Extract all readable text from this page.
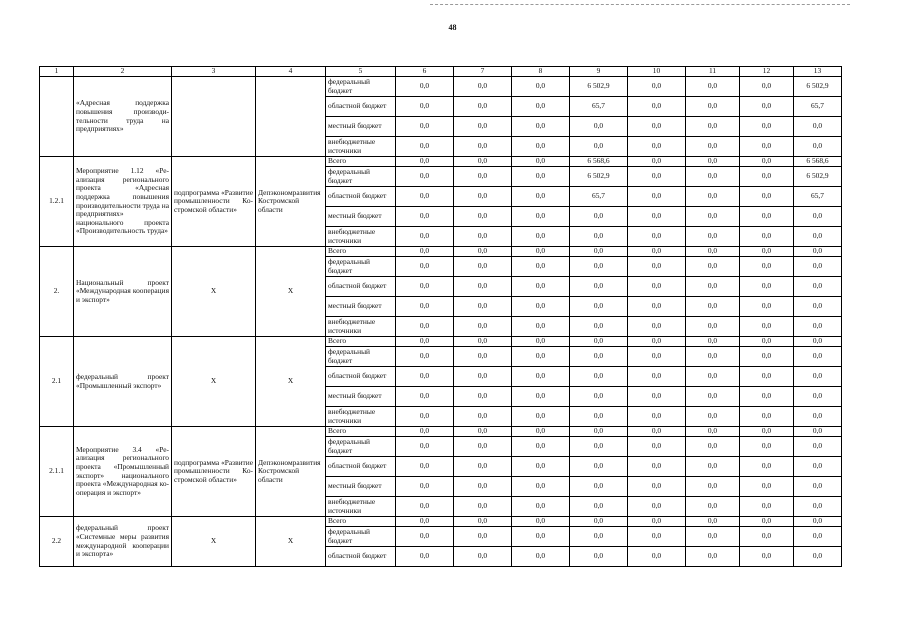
48
1	2	3	4	5	6	7	8	9	10	11	12	13
	«Адресная поддержка повышения производительности труда на предприятиях»			федеральный бюджет	0,0	0,0	0,0	6 502,9	0,0	0,0	0,0	6 502,9
				областной бюджет	0,0	0,0	0,0	65,7	0,0	0,0	0,0	65,7
				местный бюджет	0,0	0,0	0,0	0,0	0,0	0,0	0,0	0,0
				внебюджетные источники	0,0	0,0	0,0	0,0	0,0	0,0	0,0	0,0
1.2.1	Мероприятие 1.12 «Реализация регионального проекта «Адресная поддержка повышения производительности труда на предприятиях» национального проекта «Производительность труда»	подпрограмма «Развитие промышленности Костромской области»	Депэкономразвития Костромской области	Всего	0,0	0,0	0,0	6 568,6	0,0	0,0	0,0	6 568,6
				федеральный бюджет	0,0	0,0	0,0	6 502,9	0,0	0,0	0,0	6 502,9
				областной бюджет	0,0	0,0	0,0	65,7	0,0	0,0	0,0	65,7
				местный бюджет	0,0	0,0	0,0	0,0	0,0	0,0	0,0	0,0
				внебюджетные источники	0,0	0,0	0,0	0,0	0,0	0,0	0,0	0,0
2.	Национальный проект «Международная кооперация и экспорт»	X	X	Всего	0,0	0,0	0,0	0,0	0,0	0,0	0,0	0,0
				федеральный бюджет	0,0	0,0	0,0	0,0	0,0	0,0	0,0	0,0
				областной бюджет	0,0	0,0	0,0	0,0	0,0	0,0	0,0	0,0
				местный бюджет	0,0	0,0	0,0	0,0	0,0	0,0	0,0	0,0
				внебюджетные источники	0,0	0,0	0,0	0,0	0,0	0,0	0,0	0,0
2.1	федеральный проект «Промышленный экспорт»	X	X	Всего	0,0	0,0	0,0	0,0	0,0	0,0	0,0	0,0
				федеральный бюджет	0,0	0,0	0,0	0,0	0,0	0,0	0,0	0,0
				областной бюджет	0,0	0,0	0,0	0,0	0,0	0,0	0,0	0,0
				местный бюджет	0,0	0,0	0,0	0,0	0,0	0,0	0,0	0,0
				внебюджетные источники	0,0	0,0	0,0	0,0	0,0	0,0	0,0	0,0
2.1.1	Мероприятие 3.4 «Реализация регионального проекта «Промышленный экспорт» национального проекта «Международная кооперация и экспорт»	подпрограмма «Развитие промышленности Костромской области»	Депэкономразвития Костромской области	Всего	0,0	0,0	0,0	0,0	0,0	0,0	0,0	0,0
				федеральный бюджет	0,0	0,0	0,0	0,0	0,0	0,0	0,0	0,0
				областной бюджет	0,0	0,0	0,0	0,0	0,0	0,0	0,0	0,0
				местный бюджет	0,0	0,0	0,0	0,0	0,0	0,0	0,0	0,0
				внебюджетные источники	0,0	0,0	0,0	0,0	0,0	0,0	0,0	0,0
2.2	федеральный проект «Системные меры развития международной кооперации и экспорта»	X	X	Всего	0,0	0,0	0,0	0,0	0,0	0,0	0,0	0,0
				федеральный бюджет	0,0	0,0	0,0	0,0	0,0	0,0	0,0	0,0
				областной бюджет	0,0	0,0	0,0	0,0	0,0	0,0	0,0	0,0
